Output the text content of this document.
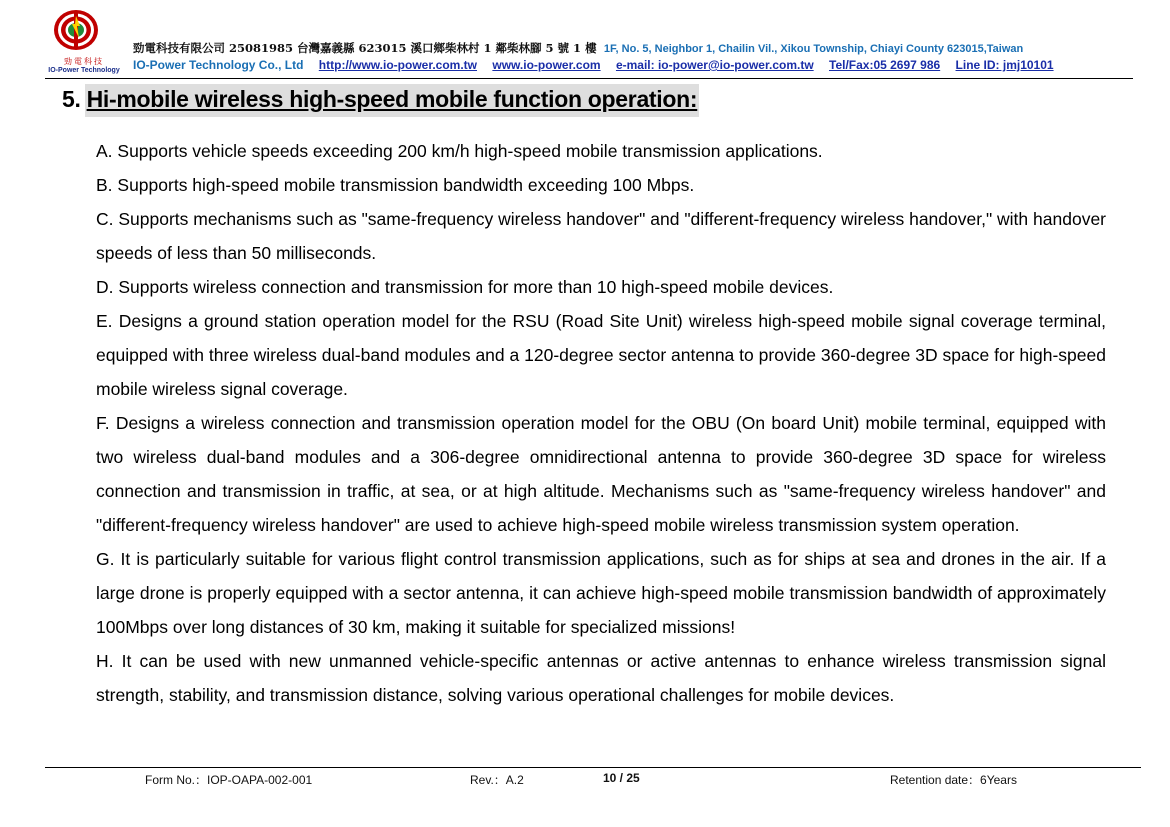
勁電科技
IO-Power Technology
勁電科技有限公司 25081985 台灣嘉義縣 623015 溪口鄉柴林村 1 鄰柴林腳 5 號 1 樓 1F, No. 5, Neighbor 1, Chailin Vil., Xikou Township, Chiayi County 623015,Taiwan
IO-Power Technology Co., Ltd http://www.io-power.com.tw www.io-power.com e-mail: io-power@io-power.com.tw Tel/Fax:05 2697 986 Line ID: jmj10101
5. Hi-mobile wireless high-speed mobile function operation:

A. Supports vehicle speeds exceeding 200 km/h high-speed mobile transmission applications.

B. Supports high-speed mobile transmission bandwidth exceeding 100 Mbps.

C. Supports mechanisms such as "same-frequency wireless handover" and "different-frequency wireless handover," with handover speeds of less than 50 milliseconds.

D. Supports wireless connection and transmission for more than 10 high-speed mobile devices.

E. Designs a ground station operation model for the RSU (Road Site Unit) wireless high-speed mobile signal coverage terminal, equipped with three wireless dual-band modules and a 120-degree sector antenna to provide 360-degree 3D space for high-speed mobile wireless signal coverage.

F. Designs a wireless connection and transmission operation model for the OBU (On board Unit) mobile terminal, equipped with two wireless dual-band modules and a 306-degree omnidirectional antenna to provide 360-degree 3D space for wireless connection and transmission in traffic, at sea, or at high altitude. Mechanisms such as "same-frequency wireless handover" and "different-frequency wireless handover" are used to achieve high-speed mobile wireless transmission system operation.

G. It is particularly suitable for various flight control transmission applications, such as for ships at sea and drones in the air. If a large drone is properly equipped with a sector antenna, it can achieve high-speed mobile transmission bandwidth of approximately 100Mbps over long distances of 30 km, making it suitable for specialized missions!

H. It can be used with new unmanned vehicle-specific antennas or active antennas to enhance wireless transmission signal strength, stability, and transmission distance, solving various operational challenges for mobile devices.

Form No.：IOP-OAPA-002-001	Rev.：A.2	10 / 25	Retention date：6Years
